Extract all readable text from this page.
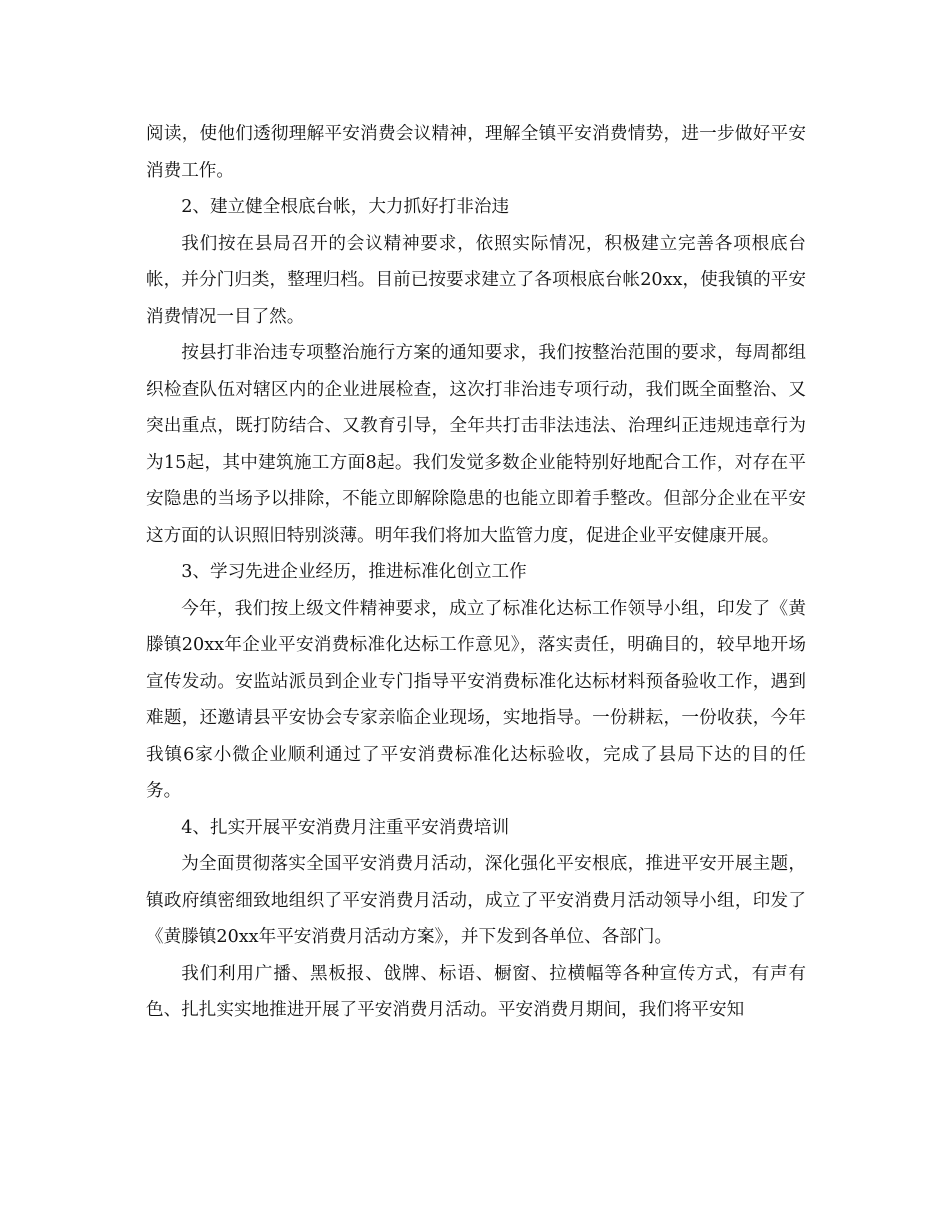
阅读，使他们透彻理解平安消费会议精神，理解全镇平安消费情势，进一步做好平安消费工作。

2、建立健全根底台帐，大力抓好打非治违

我们按在县局召开的会议精神要求，依照实际情况，积极建立完善各项根底台帐，并分门归类，整理归档。目前已按要求建立了各项根底台帐20xx，使我镇的平安消费情况一目了然。

按县打非治违专项整治施行方案的通知要求，我们按整治范围的要求，每周都组织检查队伍对辖区内的企业进展检查，这次打非治违专项行动，我们既全面整治、又突出重点，既打防结合、又教育引导，全年共打击非法违法、治理纠正违规违章行为为15起，其中建筑施工方面8起。我们发觉多数企业能特别好地配合工作，对存在平安隐患的当场予以排除，不能立即解除隐患的也能立即着手整改。但部分企业在平安这方面的认识照旧特别淡薄。明年我们将加大监管力度，促进企业平安健康开展。

3、学习先进企业经历，推进标准化创立工作

今年，我们按上级文件精神要求，成立了标准化达标工作领导小组，印发了《黄滕镇20xx年企业平安消费标准化达标工作意见》，落实责任，明确目的，较早地开场宣传发动。安监站派员到企业专门指导平安消费标准化达标材料预备验收工作，遇到难题，还邀请县平安协会专家亲临企业现场，实地指导。一份耕耘，一份收获，今年我镇6家小微企业顺利通过了平安消费标准化达标验收，完成了县局下达的目的任务。

4、扎实开展平安消费月注重平安消费培训

为全面贯彻落实全国平安消费月活动，深化强化平安根底，推进平安开展主题，镇政府缜密细致地组织了平安消费月活动，成立了平安消费月活动领导小组，印发了《黄滕镇20xx年平安消费月活动方案》，并下发到各单位、各部门。

我们利用广播、黑板报、戗牌、标语、橱窗、拉横幅等各种宣传方式，有声有色、扎扎实实地推进开展了平安消费月活动。平安消费月期间，我们将平安知
